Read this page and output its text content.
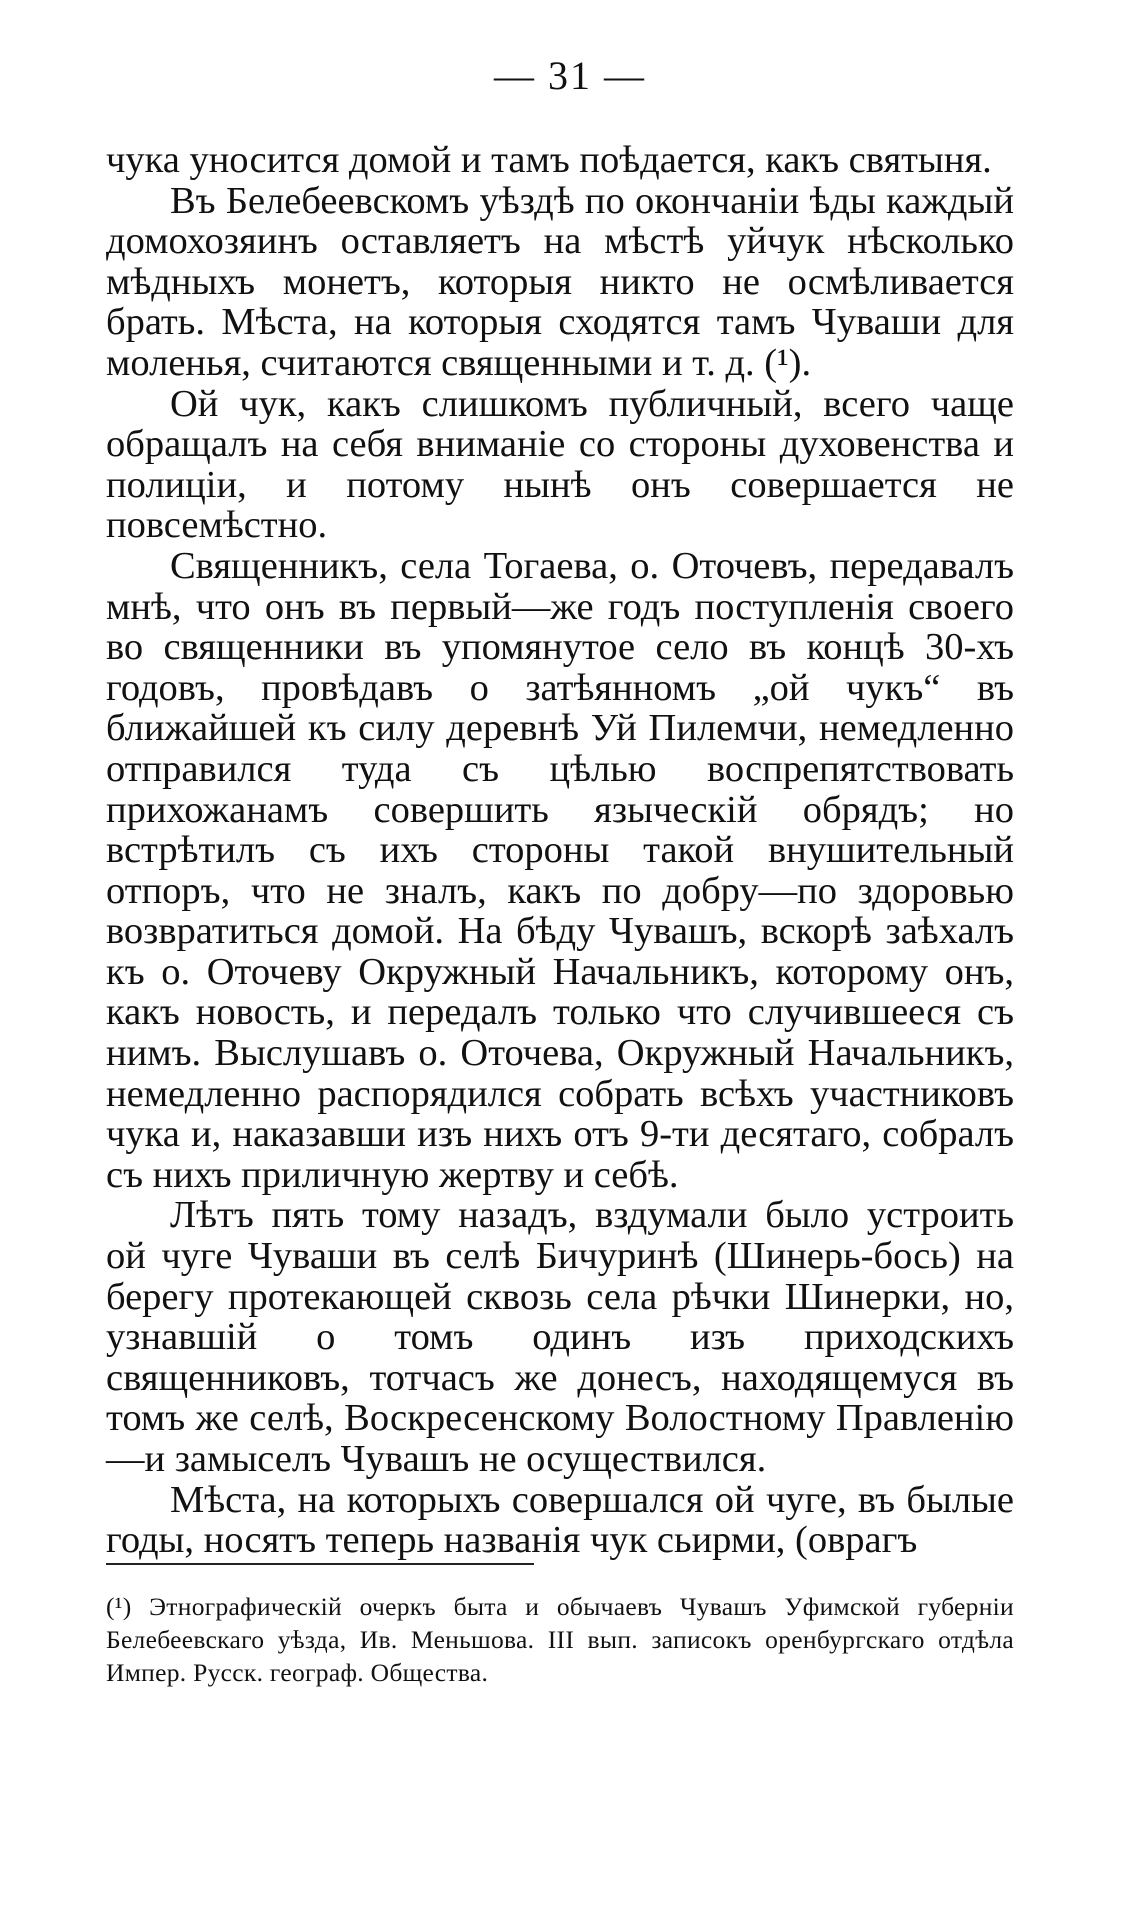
— 31 —

чука уносится домой и тамъ поѣдается, какъ святыня.

Въ Белебеевскомъ уѣздѣ по окончанiи ѣды каждый домохозяинъ оставляетъ на мѣстѣ уйчук нѣсколько мѣдныхъ монетъ, которыя никто не осмѣливается брать. Мѣста, на которыя сходятся тамъ Чуваши для моленья, считаются священными и т. д. (¹).

Ой чук, какъ слишкомъ публичный, всего чаще обращалъ на себя вниманiе со стороны духовенства и полицiи, и потому нынѣ онъ совершается не повсемѣстно.

Священникъ, села Тогаева, о. Оточевъ, передавалъ мнѣ, что онъ въ первый—же годъ поступленiя своего во священники въ упомянутое село въ концѣ 30-хъ годовъ, провѣдавъ о затѣянномъ „ой чукъ“ въ ближайшей къ силу деревнѣ Уй Пилемчи, немедленно отправился туда съ цѣлью воспрепятствовать прихожанамъ совершить языческiй обрядъ; но встрѣтилъ съ ихъ стороны такой внушительный отпоръ, что не зналъ, какъ по добру—по здоровью возвратиться домой. На бѣду Чувашъ, вскорѣ заѣхалъ къ о. Оточеву Окружный Начальникъ, которому онъ, какъ новость, и передалъ только что случившееся съ нимъ. Выслушавъ о. Оточева, Окружный Начальникъ, немедленно распорядился собрать всѣхъ участниковъ чука и, наказавши изъ нихъ отъ 9-ти десятаго, собралъ съ нихъ приличную жертву и себѣ.

Лѣтъ пять тому назадъ, вздумали было устроить ой чуге Чуваши въ селѣ Бичуринѣ (Шинерь-бось) на берегу протекающей сквозь села рѣчки Шинерки, но, узнавшiй о томъ одинъ изъ приходскихъ священниковъ, тотчасъ же донесъ, находящемуся въ томъ же селѣ, Воскресенскому Волостному Правленiю—и замыселъ Чувашъ не осуществился.

Мѣста, на которыхъ совершался ой чуге, въ былые годы, носятъ теперь названiя чук сьирми, (оврагъ

(¹) Этнографическiй очеркъ быта и обычаевъ Чувашъ Уфимской губернiи Белебеевскаго уѣзда, Ив. Меньшова. III вып. записокъ оренбургскаго отдѣла Импер. Русск. географ. Общества.
